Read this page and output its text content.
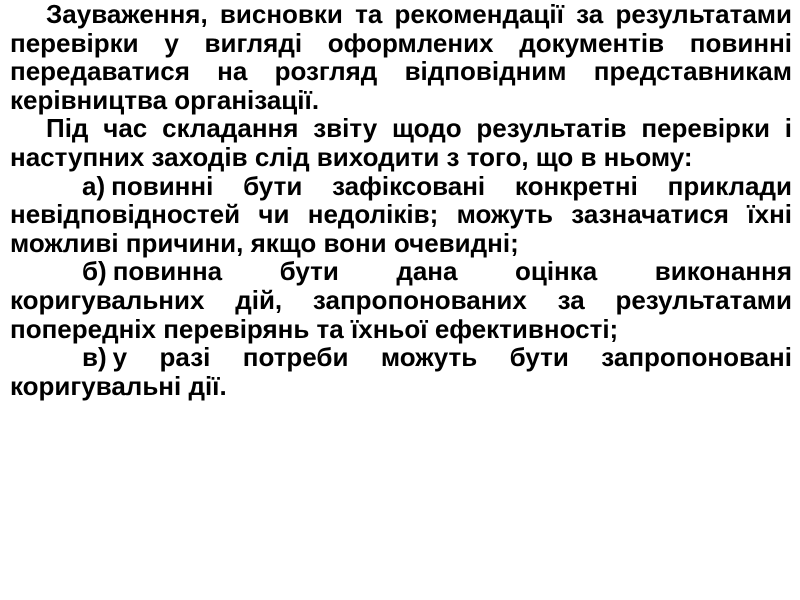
Зауваження, висновки та рекомендації за результатами перевірки у вигляді оформлених документів повинні передаватися на розгляд відповідним представникам керівництва організації.

Під час складання звіту щодо результатів перевірки і наступних заходів слід виходити з того, що в ньому:

а) повинні бути зафіксовані конкретні приклади невідповідностей чи недоліків; можуть зазначатися їхні можливі причини, якщо вони очевидні;

б) повинна бути дана оцінка виконання коригувальних дій, запропонованих за результатами попередніх перевірянь та їхньої ефективності;

в) у разі потреби можуть бути запропоновані коригувальні дії.
